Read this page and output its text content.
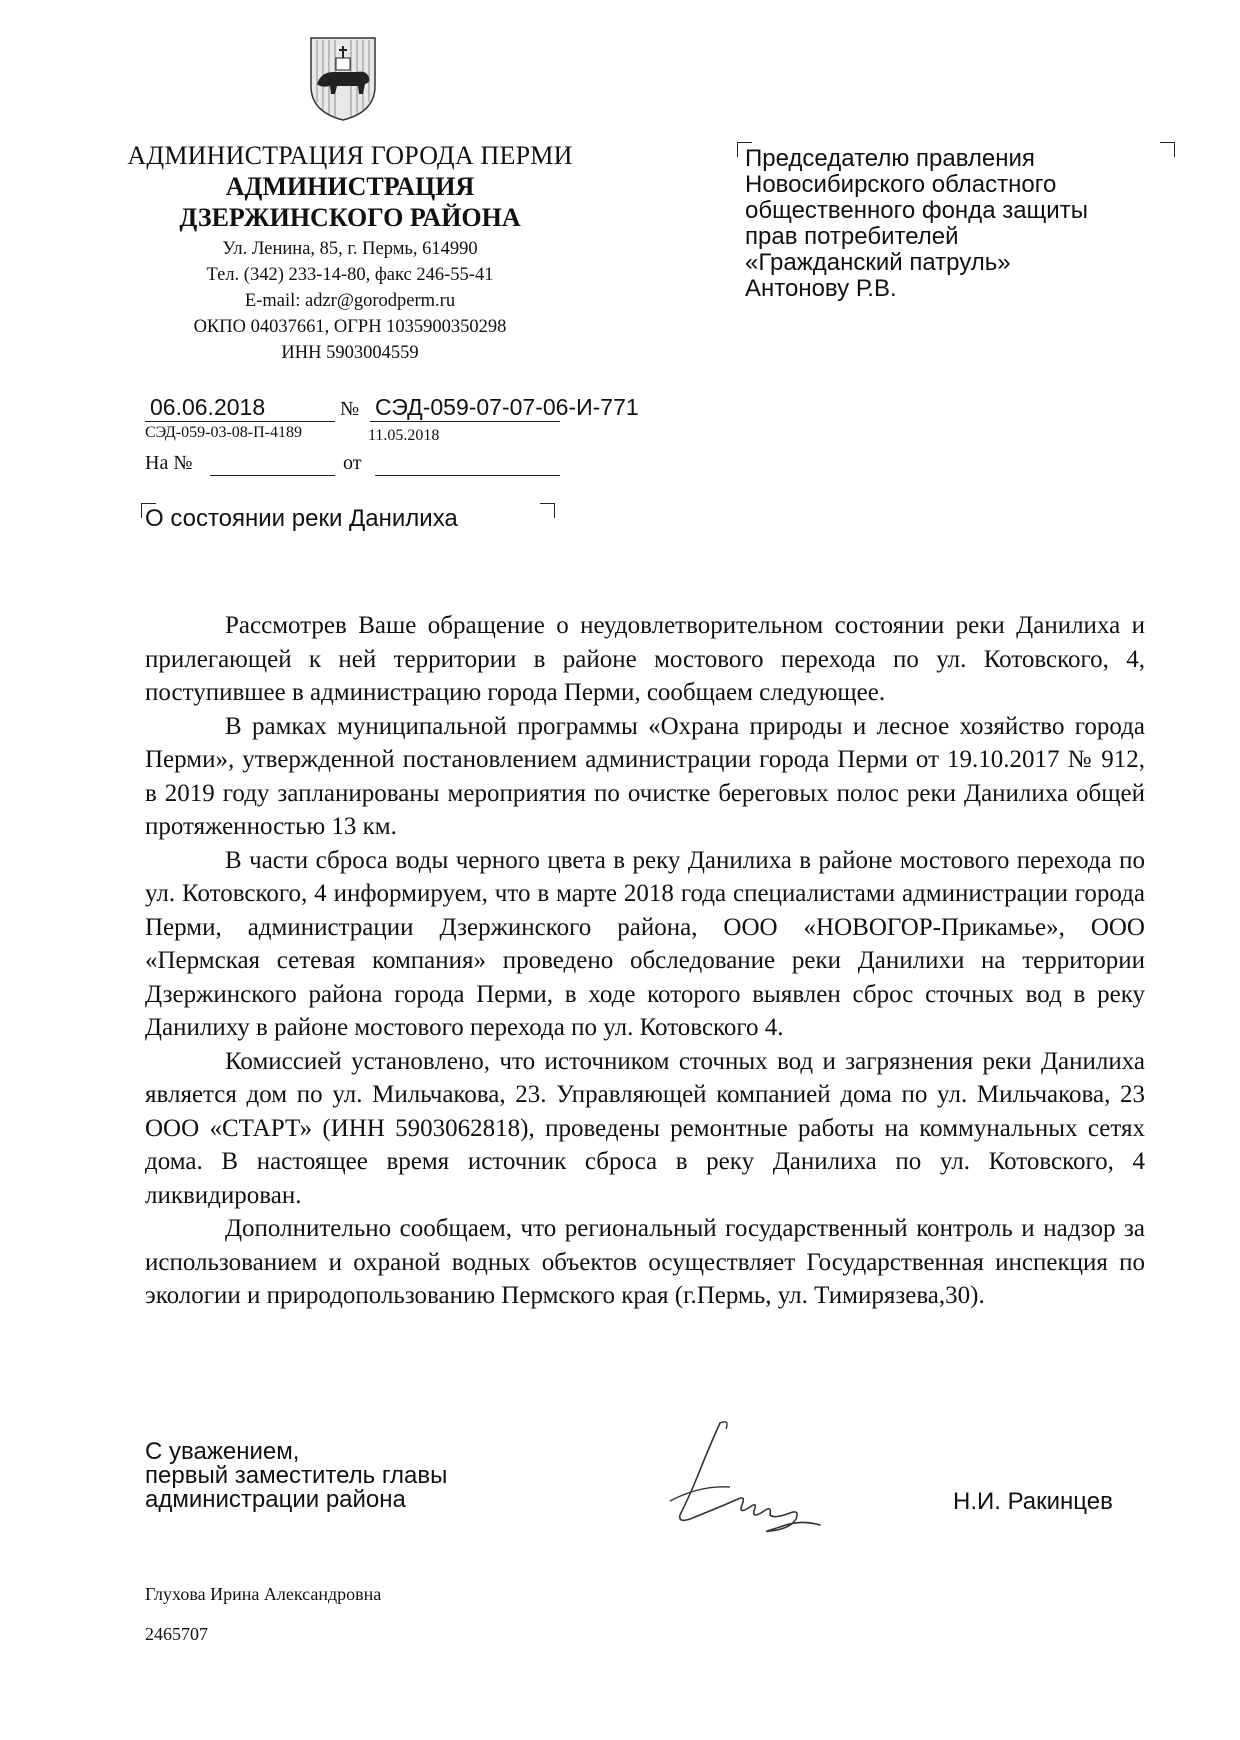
АДМИНИСТРАЦИЯ ГОРОДА ПЕРМИ
АДМИНИСТРАЦИЯ
ДЗЕРЖИНСКОГО РАЙОНА
Ул. Ленина, 85, г. Пермь, 614990
Тел. (342) 233-14-80, факс 246-55-41
E-mail: adzr@gorodperm.ru
ОКПО 04037661, ОГРН 1035900350298
ИНН 5903004559
Председателю правления
Новосибирского областного
общественного фонда защиты
прав потребителей
«Гражданский патруль»
Антонову Р.В.
06.06.2018	№ СЭД-059-07-07-06-И-771
СЭД-059-03-08-П-4189	11.05.2018
На №	от
О состоянии реки Данилиха

Рассмотрев Ваше обращение о неудовлетворительном состоянии реки Данилиха и прилегающей к ней территории в районе мостового перехода по ул. Котовского, 4, поступившее в администрацию города Перми, сообщаем следующее.

В рамках муниципальной программы «Охрана природы и лесное хозяйство города Перми», утвержденной постановлением администрации города Перми от 19.10.2017 № 912, в 2019 году запланированы мероприятия по очистке береговых полос реки Данилиха общей протяженностью 13 км.

В части сброса воды черного цвета в реку Данилиха в районе мостового перехода по ул. Котовского, 4 информируем, что в марте 2018 года специалистами администрации города Перми, администрации Дзержинского района, ООО «НОВОГОР-Прикамье», ООО «Пермская сетевая компания» проведено обследование реки Данилихи на территории Дзержинского района города Перми, в ходе которого выявлен сброс сточных вод в реку Данилиху в районе мостового перехода по ул. Котовского 4.

Комиссией установлено, что источником сточных вод и загрязнения реки Данилиха является дом по ул. Мильчакова, 23. Управляющей компанией дома по ул. Мильчакова, 23 ООО «СТАРТ» (ИНН 5903062818), проведены ремонтные работы на коммунальных сетях дома. В настоящее время источник сброса в реку Данилиха по ул. Котовского, 4 ликвидирован.

Дополнительно сообщаем, что региональный государственный контроль и надзор за использованием и охраной водных объектов осуществляет Государственная инспекция по экологии и природопользованию Пермского края (г.Пермь, ул. Тимирязева,30).

С уважением,
первый заместитель главы
администрации района	Н.И. Ракинцев
Глухова Ирина Александровна
2465707
